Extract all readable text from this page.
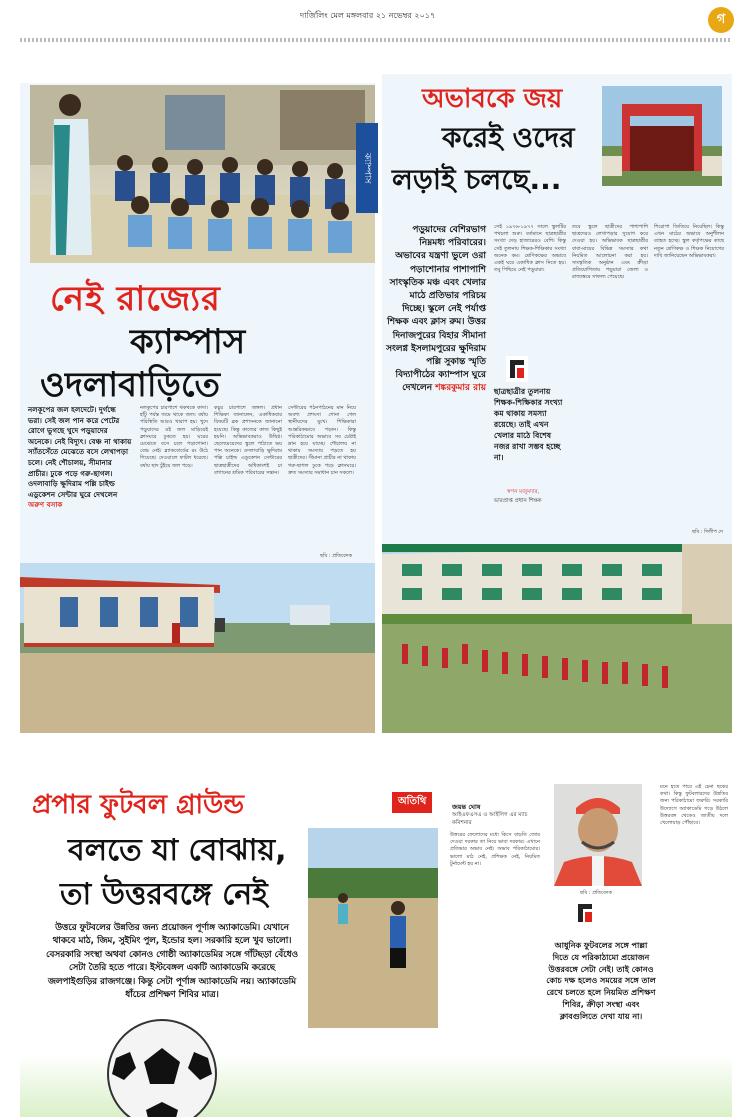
দার্জিলিং মেল মঙ্গলবার ২১ নভেম্বর ২০১৭	গ
ক্যাম্পাস
নেই রাজ্যের
ক্যাম্পাস
ওদলাবাড়িতে
নলকূপের জল হলদেটে। দুর্গন্ধে ভরা। সেই জল পান করে পেটের রোগে ভুগছে খুদে পড়ুয়াদের অনেকে। নেই বিদ্যুৎ। বেঞ্চ না থাকায় স্যাঁতসেঁতে মেঝেতে বসে লেখাপড়া চলে। নেই শৌচালয়, সীমানার প্রাচীর। ঢুকে পড়ে গরু-ছাগল। ওদলাবাড়ি ক্ষুদিরাম পল্লি চাইল্ড এডুকেশন সেন্টার ঘুরে দেখলেন অরুণ বসাক
নলকূপের চারপাশে থকথকে কাদা। হাঁটু পর্যন্ত জমে থাকে জল। বর্ষায় পরিস্থিতি আরও খারাপ হয়। খুদে পড়ুয়াদের ওই জল মাড়িয়েই ক্লাসঘরে ঢুকতে হয়। ঘরের মেঝেতে বসে চলে পড়াশোনা। বেঞ্চ নেই। ব্ল্যাকবোর্ডের রং উঠে গিয়েছে। দেওয়ালে ফাটল ধরেছে। বর্ষায় ছাদ চুঁইয়ে জল পড়ে।
কচুর চারপাশে জঙ্গল। প্রধান শিক্ষিকা জানালেন, একাধিকবার বিষয়টি ব্লক প্রশাসনকে জানানো হয়েছে। কিন্তু কাজের কাজ কিছুই হয়নি। অভিভাবকরাও উদ্বিগ্ন। ছেলেমেয়েদের স্কুলে পাঠাতে ভয় পান অনেকে। ওদলাবাড়ি ক্ষুদিরাম পল্লি চাইল্ড এডুকেশন সেন্টারের ছাত্রছাত্রীদের অধিকাংশই চা বাগানের শ্রমিক পরিবারের সন্তান।
সেন্টারের পঠনপাঠনের মান নিয়ে অবশ্য প্রশংসা শোনা গেল স্থানীয়দের মুখে। শিক্ষিকারা আন্তরিকভাবে পড়ান। কিন্তু পরিকাঠামোর অভাবে সব চেষ্টাই ম্লান হয়ে যাচ্ছে। শৌচালয় না থাকায় সমস্যায় পড়তে হয় ছাত্রীদের। সীমানা প্রাচীর না থাকায় গরু-ছাগল ঢুকে পড়ে ক্লাসঘরে। দ্রুত সমস্যার সমাধান চান সকলে।
ছবি : প্রতিবেদক
অভাবকে জয়
করেই ওদের
লড়াই চলছে...
পড়ুয়াদের বেশিরভাগ নিম্নমধ্য পরিবারের। অভাবের যন্ত্রণা ভুলে ওরা পড়াশোনার পাশাপাশি সাংস্কৃতিক মঞ্চ এবং খেলার মাঠে প্রতিভার পরিচয় দিচ্ছে। স্কুলে নেই পর্যাপ্ত শিক্ষক এবং ক্লাস রুম। উত্তর দিনাজপুরের বিহার সীমানা সংলগ্ন ইসলামপুরের ক্ষুদিরাম পল্লি সুকান্ত স্মৃতি বিদ্যাপীঠের ক্যাম্পাস ঘুরে দেখলেন শঙ্করকুমার রায়
সেই ১৯৭৬-১৯৭৭ সালে স্কুলটির পথচলা শুরু। বর্তমানে ছাত্রছাত্রীর সংখ্যা দেড় হাজারেরও বেশি। কিন্তু সেই তুলনায় শিক্ষক-শিক্ষিকার সংখ্যা অনেক কম। শ্রেণিকক্ষের অভাবে একই ঘরে একাধিক ক্লাস নিতে হয়। তবু পিছিয়ে নেই পড়ুয়ারা।
ছাত্রছাত্রীর তুলনায় শিক্ষক-শিক্ষিকার সংখ্যা কম থাকায় সমস্যা রয়েছে। তাই এখন খেলার মাঠে বিশেষ নজর রাখা সম্ভব হচ্ছে না।
স্বপন মজুমদার,
ভারপ্রাপ্ত প্রধান শিক্ষক
তবে স্কুলে ছাত্রীদের পাশাপাশি ছাত্রদেরও লেখাপড়ার সুযোগ করে দেওয়া হয়। অভিভাবক ছাত্রছাত্রীর বাবা-মায়ের বিভিন্ন সমস্যার কথা নিয়মিত আলোচনা করা হয়। সাংস্কৃতিক অনুষ্ঠান এবং ক্রীড়া প্রতিযোগিতায় পড়ুয়ারা জেলা ও রাজ্যস্তরে সাফল্য পেয়েছে।
শিরোপা জিতিয়ে নিয়েছিল। কিন্তু এখন মাঠের অভাবে অনুশীলন ব্যাহত হচ্ছে। স্কুল কর্তৃপক্ষের কাছে নতুন শ্রেণিকক্ষ ও শিক্ষক নিয়োগের দাবি জানিয়েছেন অভিভাবকরা।
ছবি : দিলীপ দে
প্রপার ফুটবল গ্রাউন্ড
বলতে যা বোঝায়,
তা উত্তরবঙ্গে নেই
উত্তরে ফুটবলের উন্নতির জন্য প্রয়োজন পূর্ণাঙ্গ অ্যাকাডেমি। যেখানে থাকবে মাঠ, জিম, সুইমিং পুল, ইন্ডোর হল। সরকারি হলে খুব ভালো। বেসরকারি সংস্থা অথবা কোনও গোষ্ঠী অ্যাকাডেমির সঙ্গে গাঁটছড়া বেঁধেও সেটা তৈরি হতে পারে। ইস্টবেঙ্গল একটি অ্যাকাডেমি করেছে জলপাইগুড়ির রাজগঞ্জে। কিন্তু সেটা পূর্ণাঙ্গ অ্যাকাডেমি নয়। অ্যাকাডেমি ধাঁচের প্রশিক্ষণ শিবির মাত্র।
অতিথি	জয়ন্ত ঘোষ
আইএফএসএ ও আইলিগ এর ম্যাচ কমিশনার
উত্তরের ফেলোদের মধ্যে কিসে বাড়তি জোর দেওয়া দরকার তা নিয়ে ভাবা দরকার। এখানে প্রতিভার অভাব নেই। অভাব পরিকাঠামোর। ভালো মাঠ নেই, প্রশিক্ষক নেই, নিয়মিত টুর্নামেন্ট হয় না।
ছবি : প্রতিবেদক
আধুনিক ফুটবলের সঙ্গে পাল্লা দিতে যে পরিকাঠামো প্রয়োজন উত্তরবঙ্গে সেটা নেই। তাই কোনও কোচ দক্ষ হলেও সময়ের সঙ্গে তাল রেখে চলতে হলে নিয়মিত প্রশিক্ষণ শিবির, ক্রীড়া সংস্থা এবং ক্লাবগুলিতে দেখা যায় না।
মনে হতে পারে এই চেনা ছকের কথা। কিন্তু ফুটবলারদের উন্নতির জন্য পরিকাঠামো জরুরি। সরকারি উদ্যোগে অ্যাকাডেমি গড়ে উঠলে উত্তরবঙ্গ থেকেও জাতীয় দলে খেলোয়াড় পৌঁছাবে।
